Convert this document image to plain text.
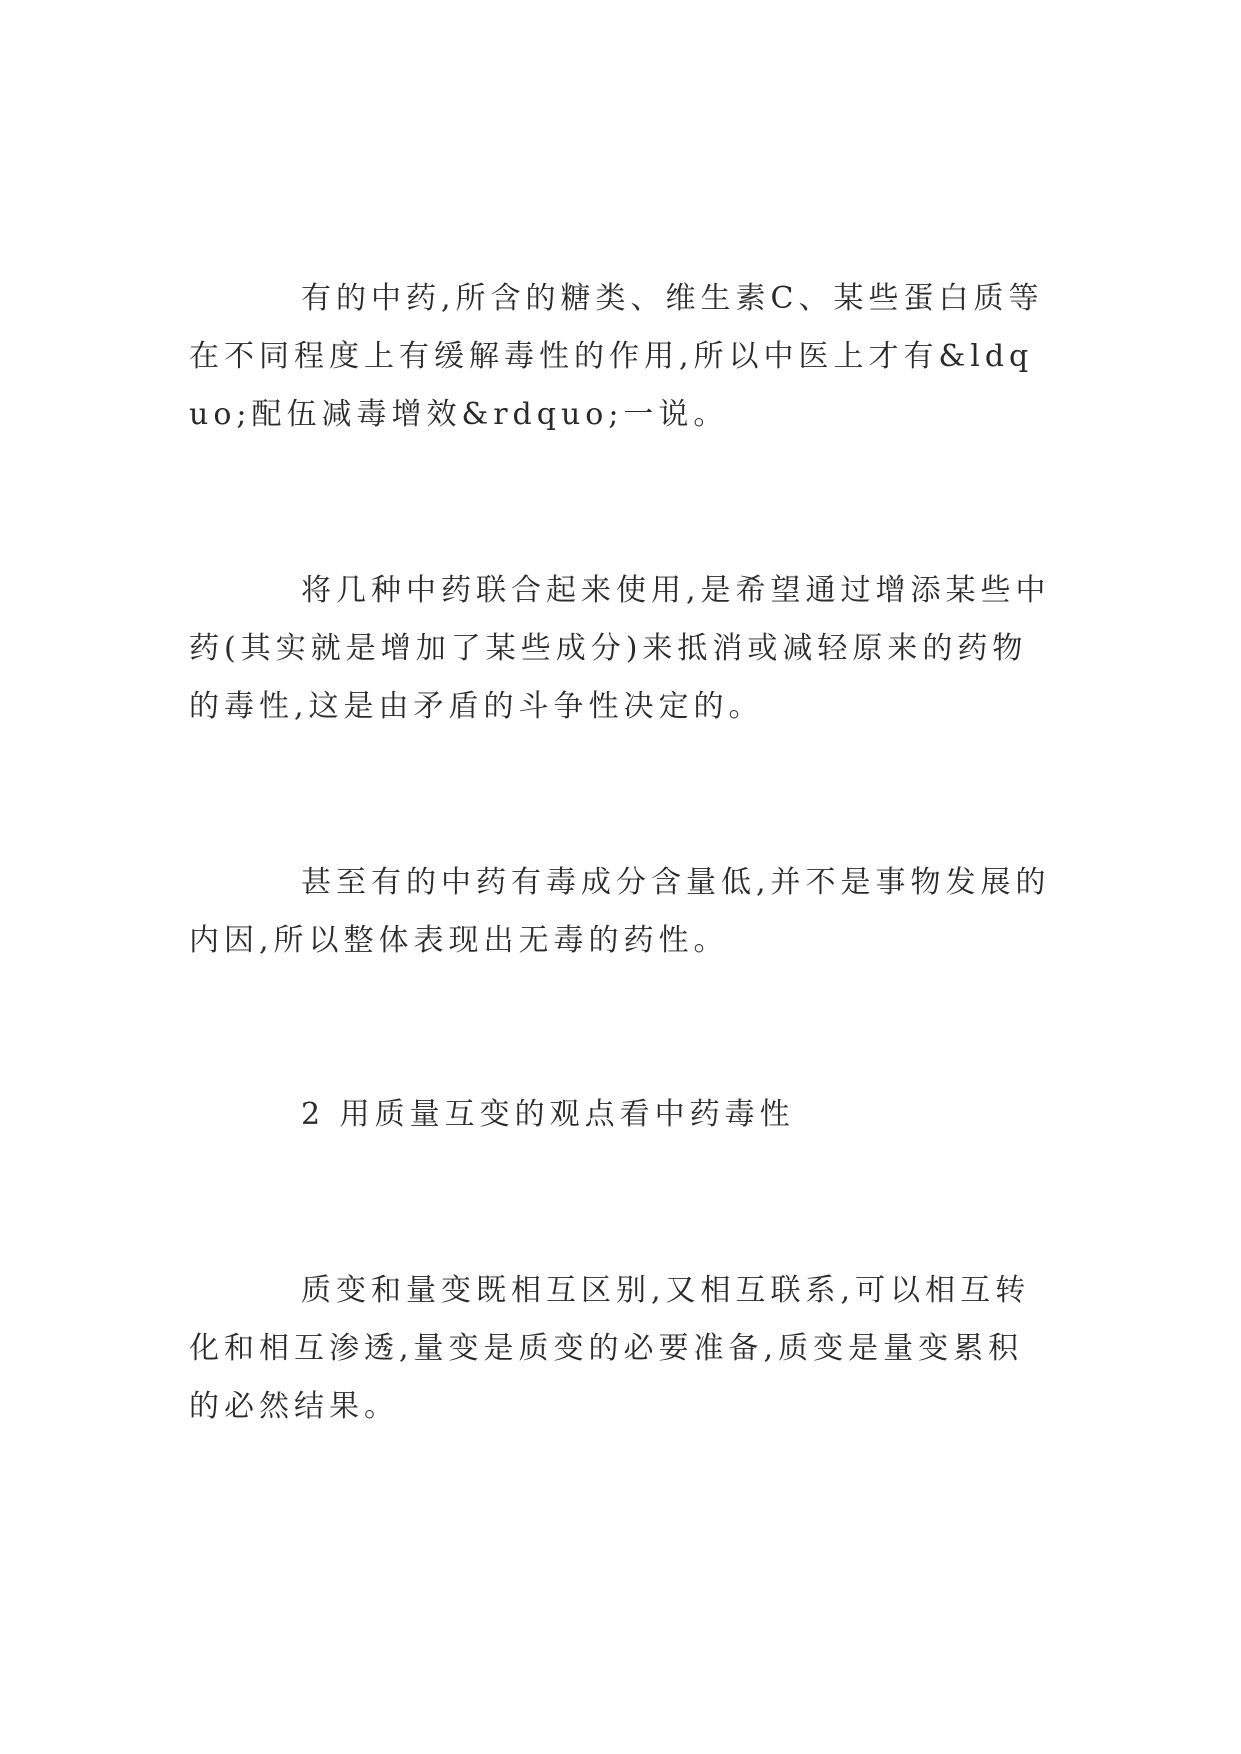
有的中药,所含的糖类、维生素C、某些蛋白质等在不同程度上有缓解毒性的作用,所以中医上才有&ldquo;配伍减毒增效&rdquo;一说。

将几种中药联合起来使用,是希望通过增添某些中药(其实就是增加了某些成分)来抵消或减轻原来的药物的毒性,这是由矛盾的斗争性决定的。

甚至有的中药有毒成分含量低,并不是事物发展的内因,所以整体表现出无毒的药性。

2 用质量互变的观点看中药毒性

质变和量变既相互区别,又相互联系,可以相互转化和相互渗透,量变是质变的必要准备,质变是量变累积的必然结果。
